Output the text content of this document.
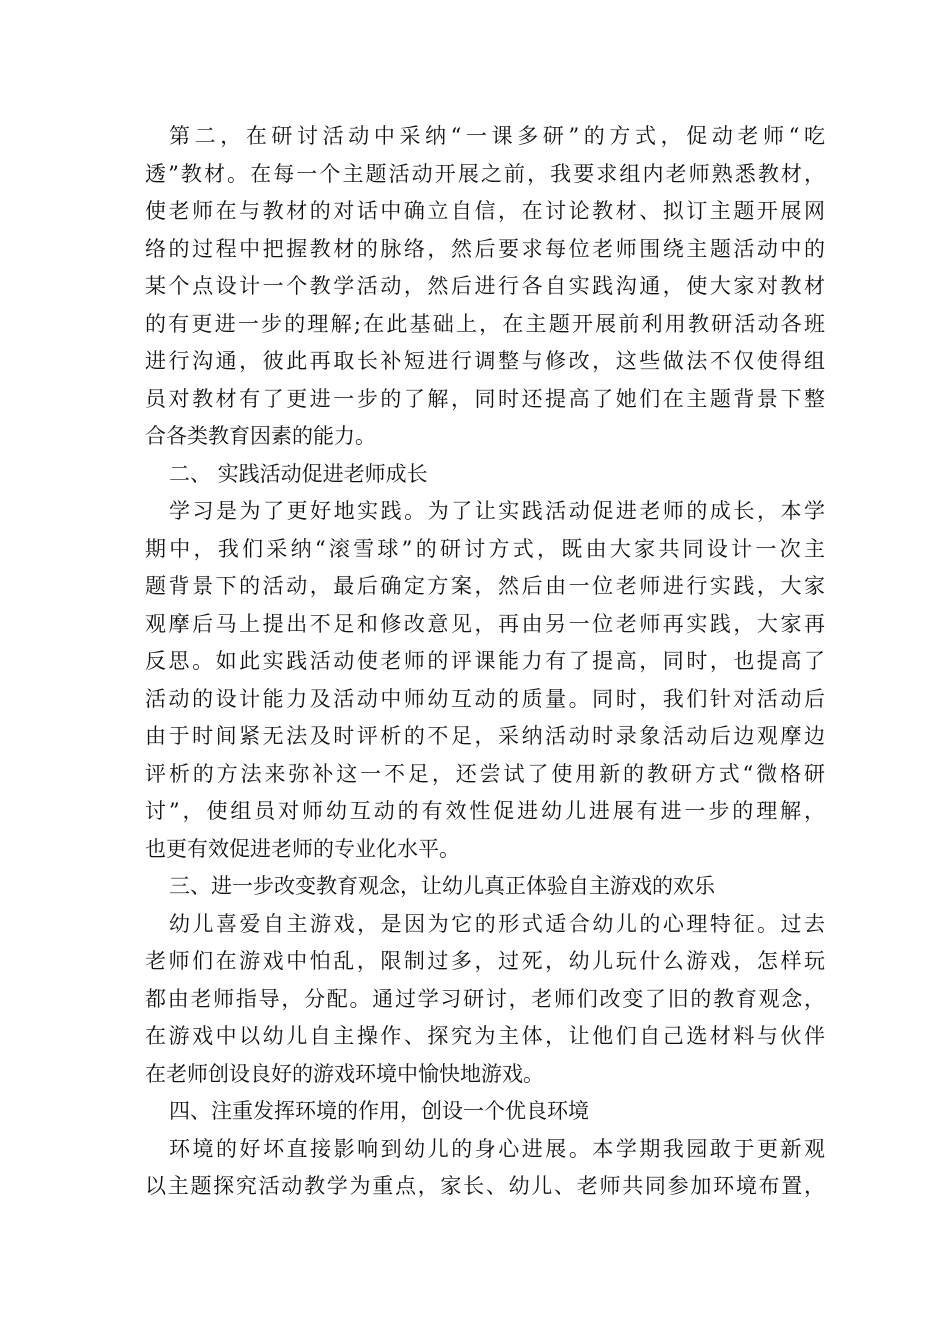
第二，在研讨活动中采纳“一课多研”的方式，促动老师“吃
透”教材。在每一个主题活动开展之前，我要求组内老师熟悉教材，
使老师在与教材的对话中确立自信，在讨论教材、拟订主题开展网
络的过程中把握教材的脉络，然后要求每位老师围绕主题活动中的
某个点设计一个教学活动，然后进行各自实践沟通，使大家对教材
的有更进一步的理解;在此基础上，在主题开展前利用教研活动各班
进行沟通，彼此再取长补短进行调整与修改，这些做法不仅使得组
员对教材有了更进一步的了解，同时还提高了她们在主题背景下整
合各类教育因素的能力。
二、 实践活动促进老师成长
学习是为了更好地实践。为了让实践活动促进老师的成长，本学
期中，我们采纳“滚雪球”的研讨方式，既由大家共同设计一次主
题背景下的活动，最后确定方案，然后由一位老师进行实践，大家
观摩后马上提出不足和修改意见，再由另一位老师再实践，大家再
反思。如此实践活动使老师的评课能力有了提高，同时，也提高了
活动的设计能力及活动中师幼互动的质量。同时，我们针对活动后
由于时间紧无法及时评析的不足，采纳活动时录象活动后边观摩边
评析的方法来弥补这一不足，还尝试了使用新的教研方式“微格研
讨”，使组员对师幼互动的有效性促进幼儿进展有进一步的理解，
也更有效促进老师的专业化水平。
三、进一步改变教育观念，让幼儿真正体验自主游戏的欢乐
幼儿喜爱自主游戏，是因为它的形式适合幼儿的心理特征。过去
老师们在游戏中怕乱，限制过多，过死，幼儿玩什么游戏，怎样玩
都由老师指导，分配。通过学习研讨，老师们改变了旧的教育观念，
在游戏中以幼儿自主操作、探究为主体，让他们自己选材料与伙伴
在老师创设良好的游戏环境中愉快地游戏。
四、注重发挥环境的作用，创设一个优良环境
环境的好坏直接影响到幼儿的身心进展。本学期我园敢于更新观
以主题探究活动教学为重点，家长、幼儿、老师共同参加环境布置，
